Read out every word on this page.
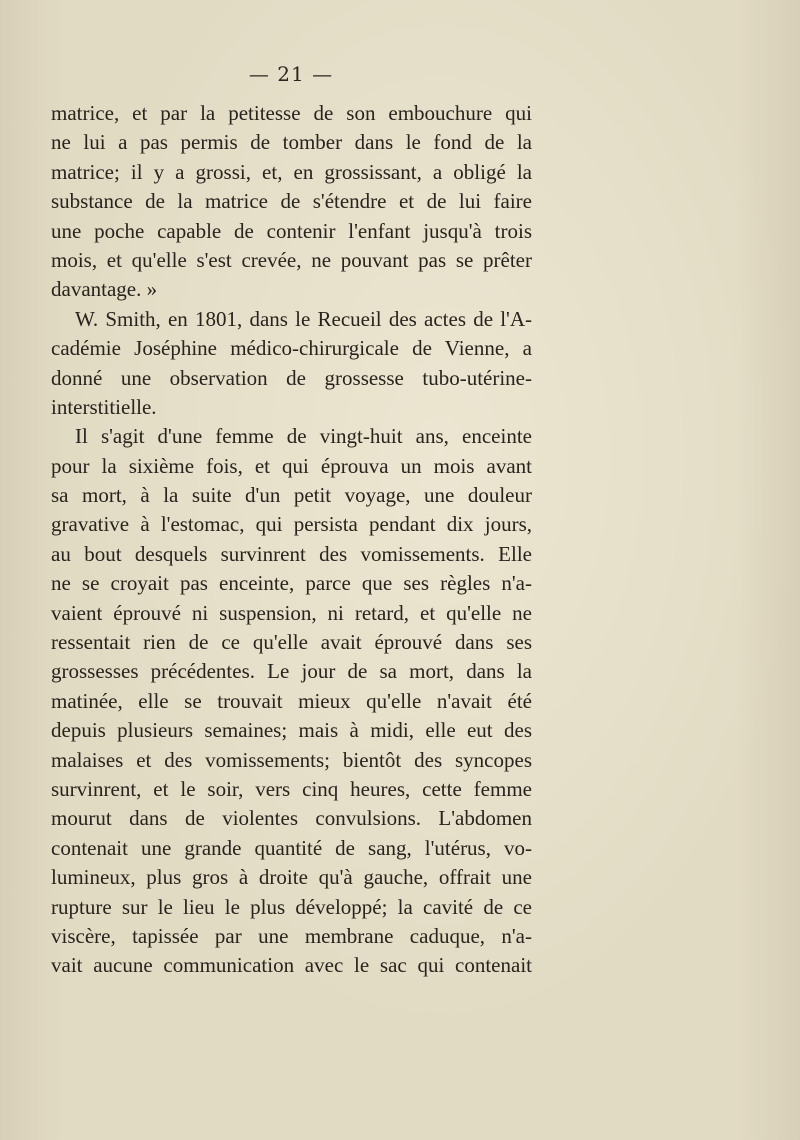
— 21 —
matrice, et par la petitesse de son embouchure qui
ne lui a pas permis de tomber dans le fond de la
matrice; il y a grossi, et, en grossissant, a obligé la
substance de la matrice de s'étendre et de lui faire
une poche capable de contenir l'enfant jusqu'à trois
mois, et qu'elle s'est crevée, ne pouvant pas se prêter
davantage. »
W. Smith, en 1801, dans le Recueil des actes de l'A-
cadémie Joséphine médico-chirurgicale de Vienne, a
donné une observation de grossesse tubo-utérine-
interstitielle.
Il s'agit d'une femme de vingt-huit ans, enceinte
pour la sixième fois, et qui éprouva un mois avant
sa mort, à la suite d'un petit voyage, une douleur
gravative à l'estomac, qui persista pendant dix jours,
au bout desquels survinrent des vomissements. Elle
ne se croyait pas enceinte, parce que ses règles n'a-
vaient éprouvé ni suspension, ni retard, et qu'elle ne
ressentait rien de ce qu'elle avait éprouvé dans ses
grossesses précédentes. Le jour de sa mort, dans la
matinée, elle se trouvait mieux qu'elle n'avait été
depuis plusieurs semaines; mais à midi, elle eut des
malaises et des vomissements; bientôt des syncopes
survinrent, et le soir, vers cinq heures, cette femme
mourut dans de violentes convulsions. L'abdomen
contenait une grande quantité de sang, l'utérus, vo-
lumineux, plus gros à droite qu'à gauche, offrait une
rupture sur le lieu le plus développé; la cavité de ce
viscère, tapissée par une membrane caduque, n'a-
vait aucune communication avec le sac qui contenait
